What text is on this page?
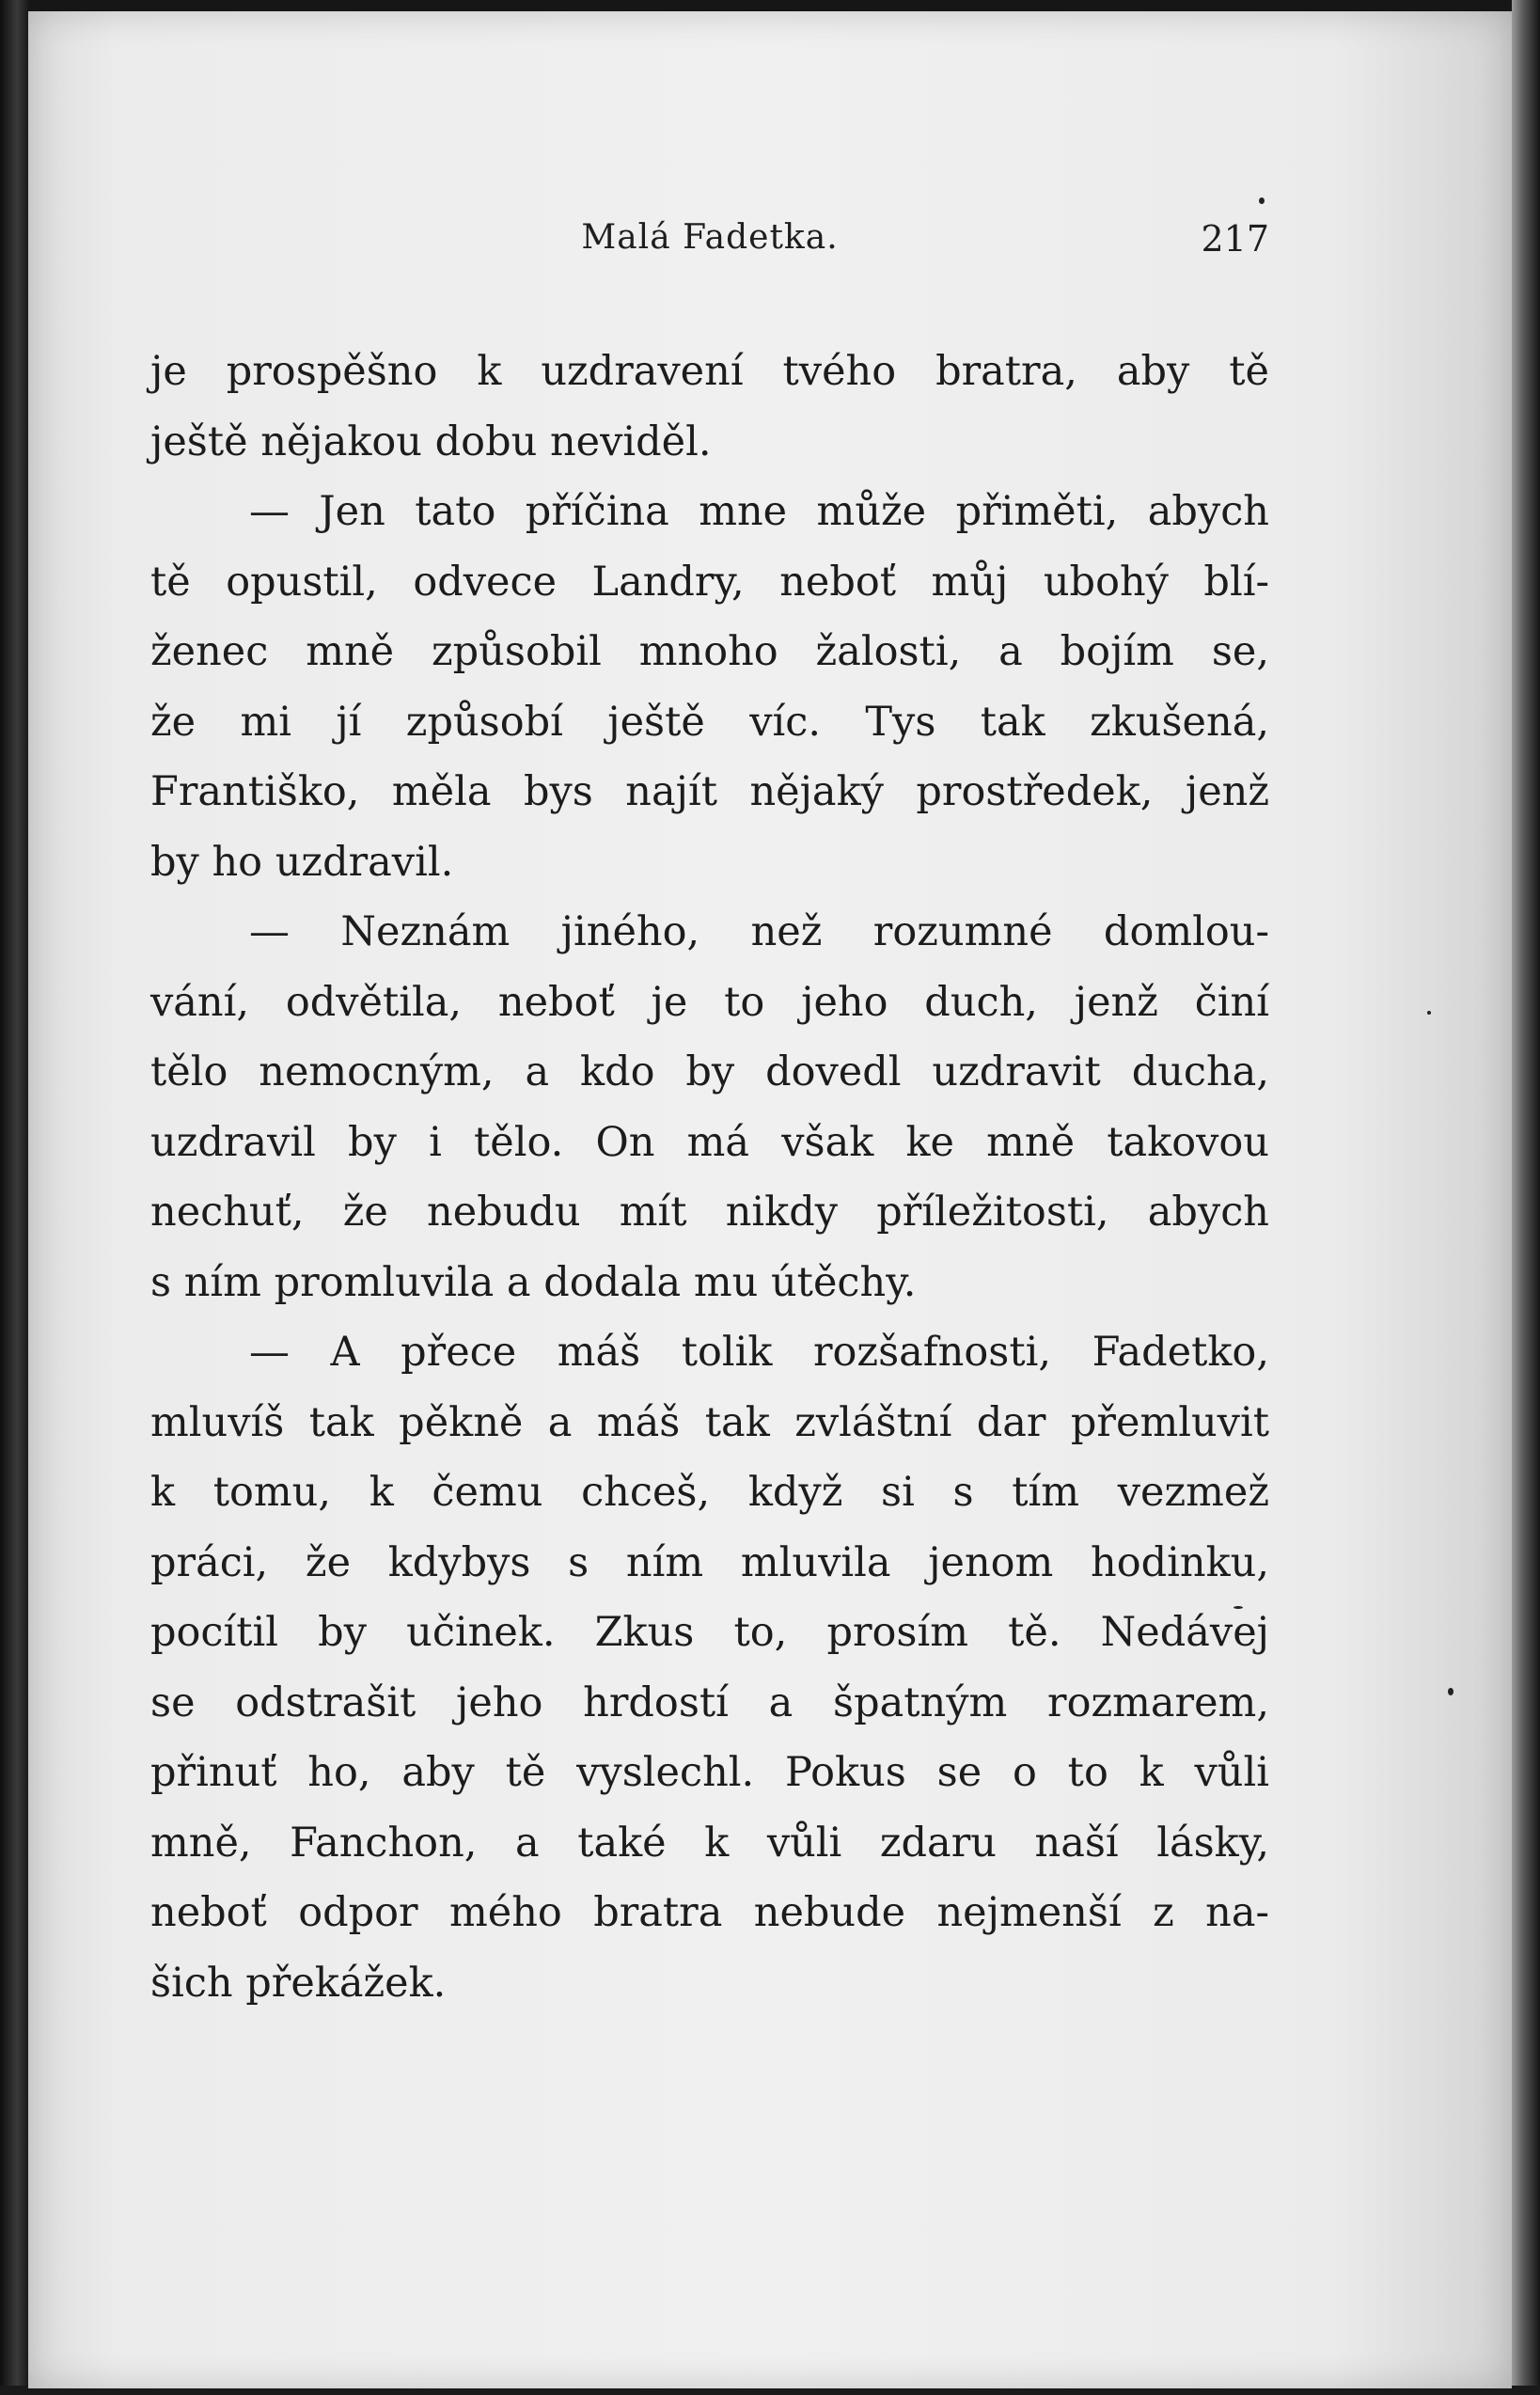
Malá Fadetka.	217
je prospěšno k uzdravení tvého bratra, aby tě
ještě nějakou dobu neviděl.
— Jen tato příčina mne může přiměti, abych
tě opustil, odvece Landry, neboť můj ubohý blí-
ženec mně způsobil mnoho žalosti, a bojím se,
že mi jí způsobí ještě víc. Tys tak zkušená,
Františko, měla bys najít nějaký prostředek, jenž
by ho uzdravil.
— Neznám jiného, než rozumné domlou-
vání, odvětila, neboť je to jeho duch, jenž činí
tělo nemocným, a kdo by dovedl uzdravit ducha,
uzdravil by i tělo. On má však ke mně takovou
nechuť, že nebudu mít nikdy příležitosti, abych
s ním promluvila a dodala mu útěchy.
— A přece máš tolik rozšafnosti, Fadetko,
mluvíš tak pěkně a máš tak zvláštní dar přemluvit
k tomu, k čemu chceš, když si s tím vezmež
práci, že kdybys s ním mluvila jenom hodinku,
pocítil by učinek. Zkus to, prosím tě. Nedávej
se odstrašit jeho hrdostí a špatným rozmarem,
přinuť ho, aby tě vyslechl. Pokus se o to k vůli
mně, Fanchon, a také k vůli zdaru naší lásky,
neboť odpor mého bratra nebude nejmenší z na-
šich překážek.
